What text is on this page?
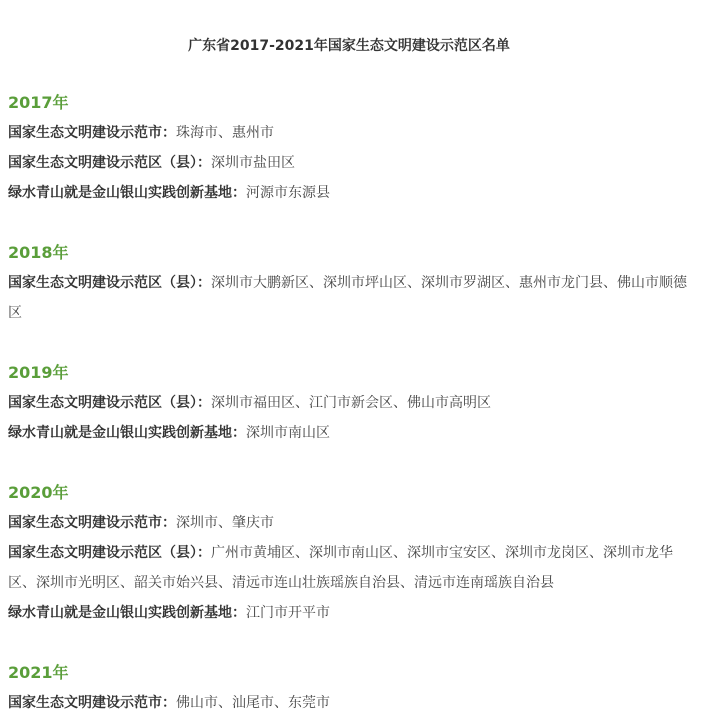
广东省2017-2021年国家生态文明建设示范区名单
2017年
国家生态文明建设示范市：珠海市、惠州市
国家生态文明建设示范区（县）：深圳市盐田区
绿水青山就是金山银山实践创新基地：河源市东源县
2018年
国家生态文明建设示范区（县）：深圳市大鹏新区、深圳市坪山区、深圳市罗湖区、惠州市龙门县、佛山市顺德区
2019年
国家生态文明建设示范区（县）：深圳市福田区、江门市新会区、佛山市高明区
绿水青山就是金山银山实践创新基地：深圳市南山区
2020年
国家生态文明建设示范市：深圳市、肇庆市
国家生态文明建设示范区（县）：广州市黄埔区、深圳市南山区、深圳市宝安区、深圳市龙岗区、深圳市龙华区、深圳市光明区、韶关市始兴县、清远市连山壮族瑶族自治县、清远市连南瑶族自治县
绿水青山就是金山银山实践创新基地：江门市开平市
2021年
国家生态文明建设示范市：佛山市、汕尾市、东莞市
